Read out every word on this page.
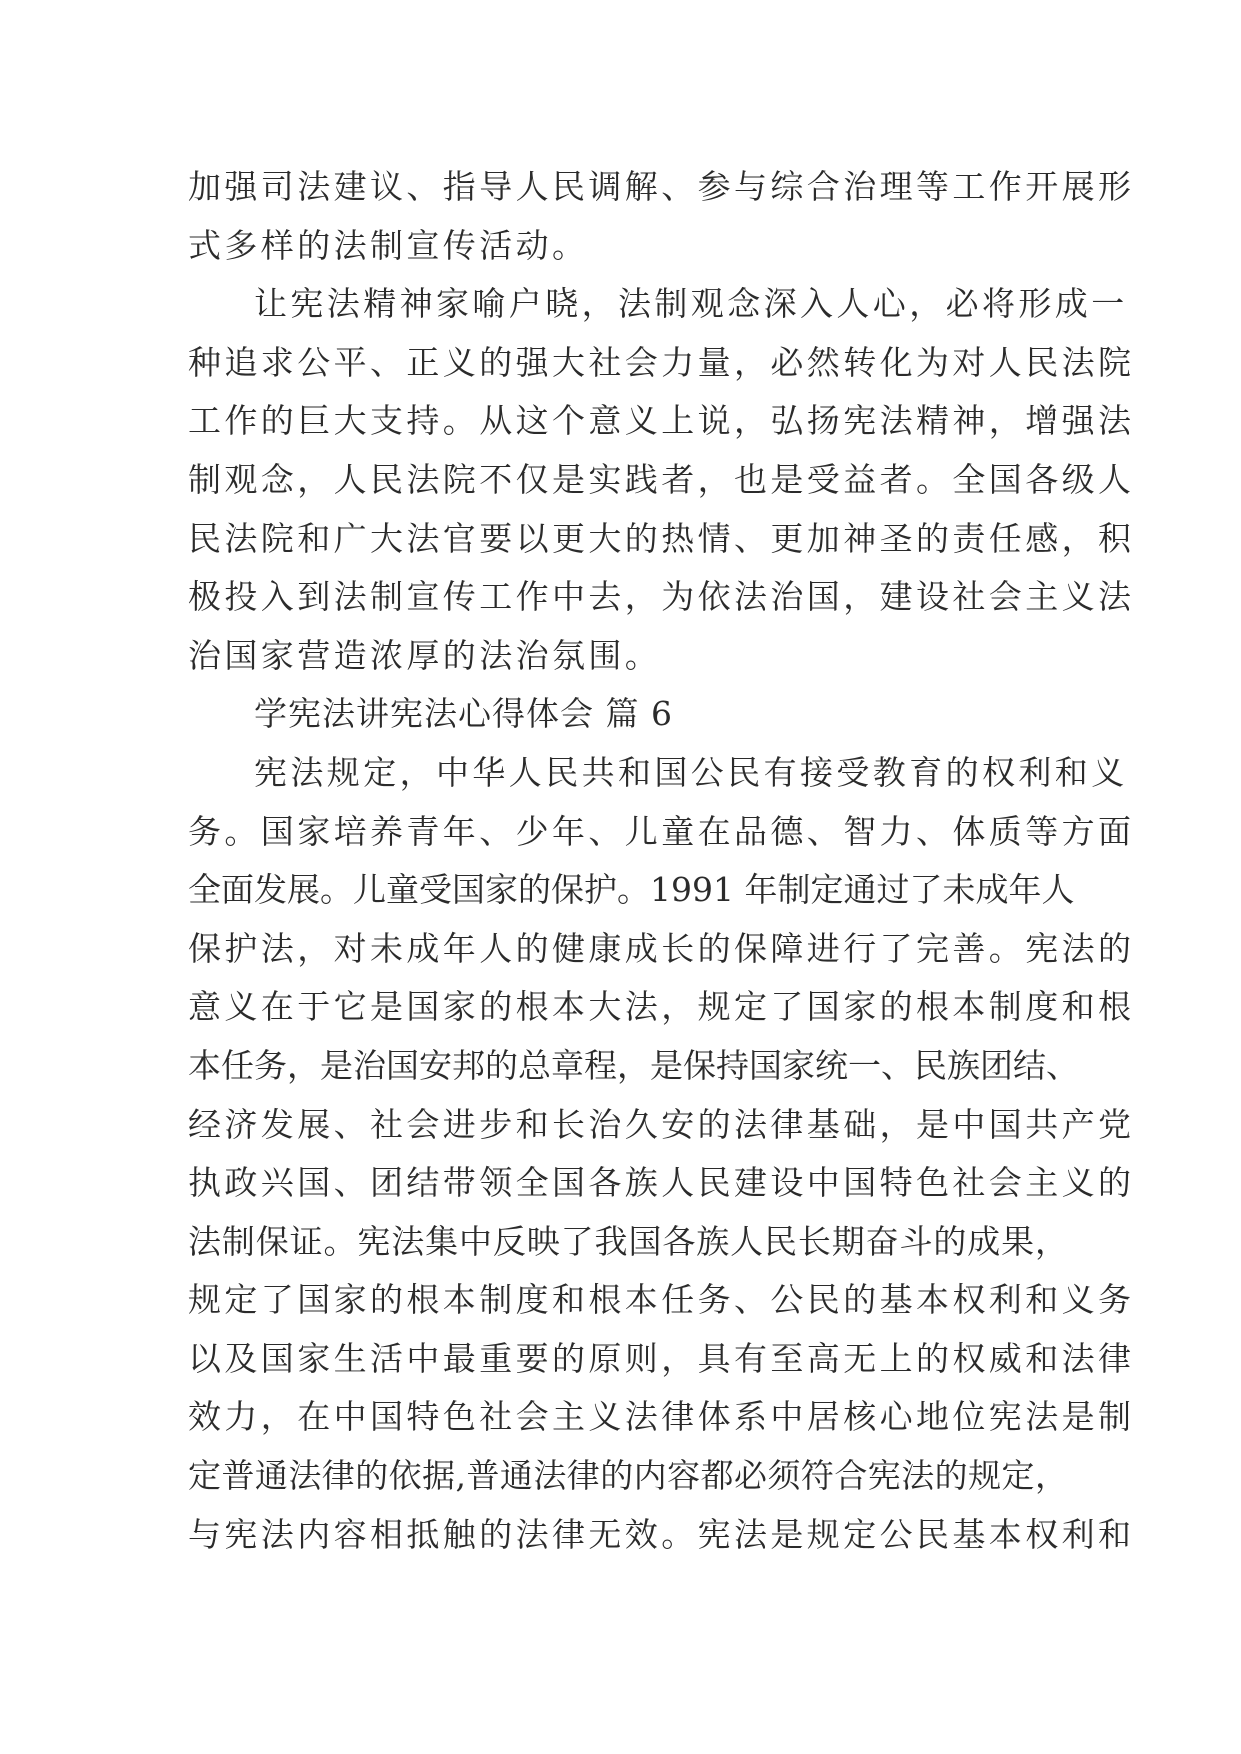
加强司法建议、指导人民调解、参与综合治理等工作开展形
式多样的法制宣传活动。
让宪法精神家喻户晓，法制观念深入人心，必将形成一
种追求公平、正义的强大社会力量，必然转化为对人民法院
工作的巨大支持。从这个意义上说，弘扬宪法精神，增强法
制观念，人民法院不仅是实践者，也是受益者。全国各级人
民法院和广大法官要以更大的热情、更加神圣的责任感，积
极投入到法制宣传工作中去，为依法治国，建设社会主义法
治国家营造浓厚的法治氛围。
学宪法讲宪法心得体会 篇 6
宪法规定，中华人民共和国公民有接受教育的权利和义
务。国家培养青年、少年、儿童在品德、智力、体质等方面
全面发展。儿童受国家的保护。1991 年制定通过了未成年人
保护法，对未成年人的健康成长的保障进行了完善。宪法的
意义在于它是国家的根本大法，规定了国家的根本制度和根
本任务，是治国安邦的总章程，是保持国家统一、民族团结、
经济发展、社会进步和长治久安的法律基础，是中国共产党
执政兴国、团结带领全国各族人民建设中国特色社会主义的
法制保证。宪法集中反映了我国各族人民长期奋斗的成果，
规定了国家的根本制度和根本任务、公民的基本权利和义务
以及国家生活中最重要的原则，具有至高无上的权威和法律
效力，在中国特色社会主义法律体系中居核心地位宪法是制
定普通法律的依据,普通法律的内容都必须符合宪法的规定，
与宪法内容相抵触的法律无效。宪法是规定公民基本权利和
